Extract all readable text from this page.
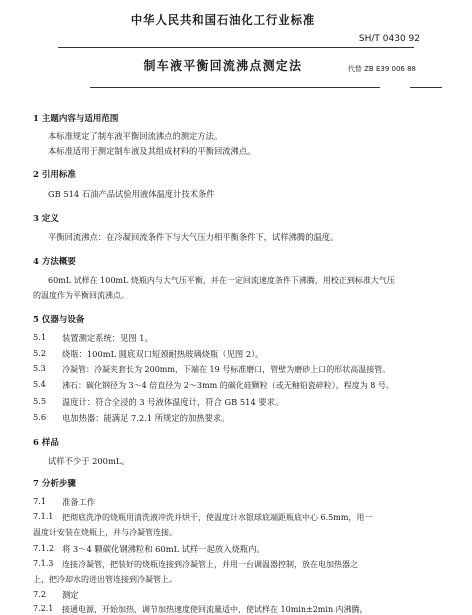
中华人民共和国石油化工行业标准
SH/T 0430 92
制车液平衡回流沸点测定法	代替 ZB E39 006 88
1 主题内容与适用范围
本标准规定了制车液平衡回流沸点的测定方法。
本标准适用于测定制车液及其组成材料的平衡回流沸点。
2 引用标准
GB 514 石油产品试验用液体温度计技术条件
3 定义
平衡回流沸点：在冷凝回流条件下与大气压力相平衡条件下，试样沸腾的温度。
4 方法概要
60mL 试样在 100mL 烧瓶内与大气压平衡，并在一定回流速度条件下沸腾，用校正到标准大气压
的温度作为平衡回流沸点。
5 仪器与设备
5.1 装置测定系统：见图 1。
5.2 烧瓶：100mL 圆底双口短颈耐热玻璃烧瓶（见图 2）。
5.3 冷凝管：冷凝夹套长为 200mm，下端在 19 号标准磨口，管壁为磨砂上口的形状高温接管。
5.4 沸石：碳化钢径为 3～4 倍直径为 2～3mm 的碳化硅颗粒（或无釉铅瓷碎粒），程度为 8 号。
5.5 温度计：符合全浸的 3 号液体温度计，符合 GB 514 要求。
5.6 电加热器：能满足 7.2.1 所规定的加热要求。
6 样品
试样不少于 200mL。
7 分析步骤
7.1 准备工作
7.1.1 把彻底洗净的烧瓶用清洗液冲洗并烘干，使温度计水银球底端距瓶底中心 6.5mm，用一
温度计安装在烧瓶上，并与冷凝管连接。
7.1.2 将 3～4 颗碳化钢沸粒和 60mL 试样一起放入烧瓶内。
7.1.3 连接冷凝管，把装好的烧瓶连接到冷凝管上，并用一台调温器控制，放在电加热器之
上，把冷却水的进出管连接到冷凝管上。
7.2 测定
7.2.1 接通电源，开始加热，调节加热速度使回流量适中，使试样在 10min±2min 内沸腾，
